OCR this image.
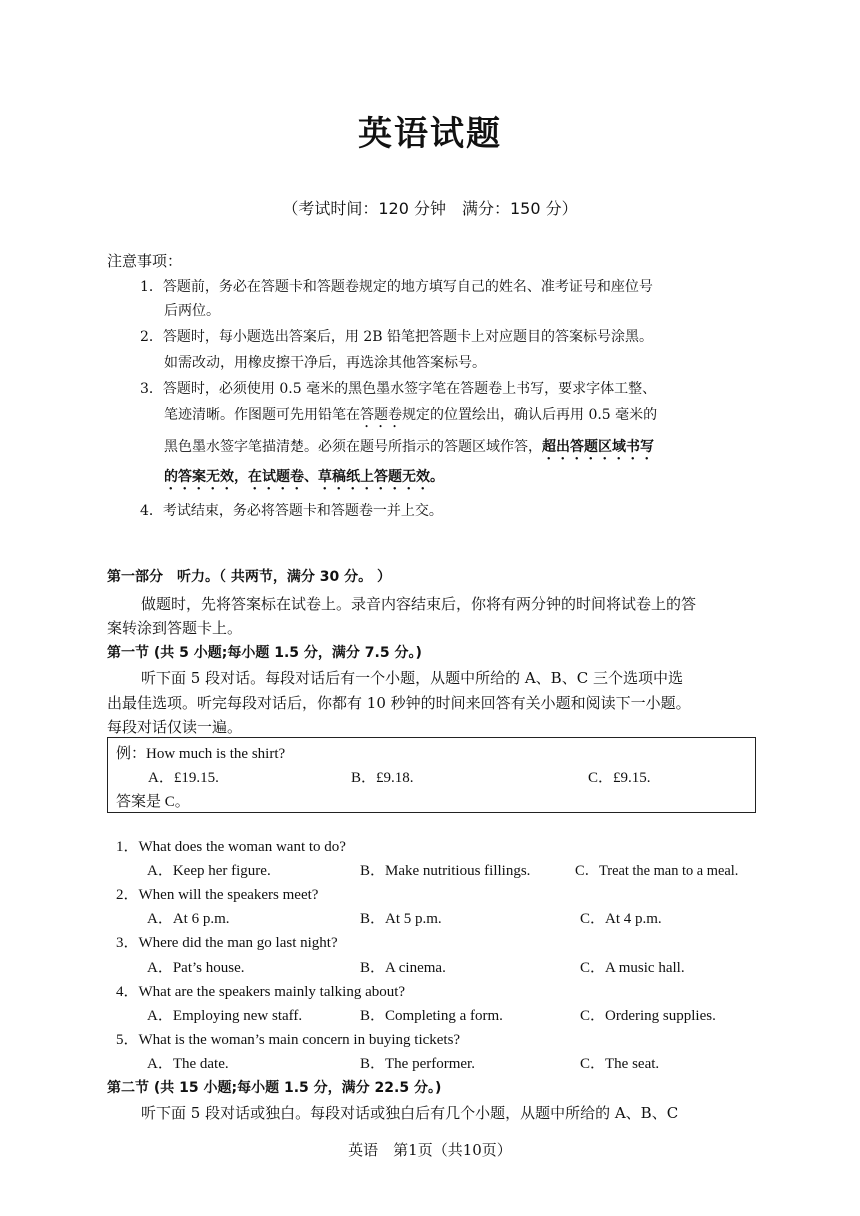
英语试题
（考试时间：120 分钟　满分：150 分）
注意事项：
1．答题前，务必在答题卡和答题卷规定的地方填写自己的姓名、准考证号和座位号
后两位。
2．答题时，每小题选出答案后，用 2B 铅笔把答题卡上对应题目的答案标号涂黑。
如需改动，用橡皮擦干净后，再选涂其他答案标号。
3．答题时，必须使用 0.5 毫米的黑色墨水签字笔在答题卷上书写，要求字体工整、
笔迹清晰。作图题可先用铅笔在答题卷规定的位置绘出，确认后再用 0.5 毫米的
黑色墨水签字笔描清楚。必须在题号所指示的答题区域作答，超出答题区域书写
的答案无效，在试题卷、草稿纸上答题无效。
4．考试结束，务必将答题卡和答题卷一并上交。
第一部分　听力。（ 共两节，满分 30 分。 ）
做题时，先将答案标在试卷上。录音内容结束后，你将有两分钟的时间将试卷上的答
案转涂到答题卡上。
第一节 (共 5 小题;每小题 1.5 分，满分 7.5 分。)
听下面 5 段对话。每段对话后有一个小题，从题中所给的 A、B、C 三个选项中选
出最佳选项。听完每段对话后，你都有 10 秒钟的时间来回答有关小题和阅读下一小题。
每段对话仅读一遍。
例：How much is the shirt?
A．£19.15.	B．£9.18.	C．£9.15.
答案是 C。
1．What does the woman want to do?
A．Keep her figure.	B．Make nutritious fillings.	C．Treat the man to a meal.
2．When will the speakers meet?
A．At 6 p.m.	B．At 5 p.m.	C．At 4 p.m.
3．Where did the man go last night?
A．Pat’s house.	B．A cinema.	C．A music hall.
4．What are the speakers mainly talking about?
A．Employing new staff.	B．Completing a form.	C．Ordering supplies.
5．What is the woman’s main concern in buying tickets?
A．The date.	B．The performer.	C．The seat.
第二节 (共 15 小题;每小题 1.5 分，满分 22.5 分。)
听下面 5 段对话或独白。每段对话或独白后有几个小题，从题中所给的 A、B、C
英语　第1页（共10页）
